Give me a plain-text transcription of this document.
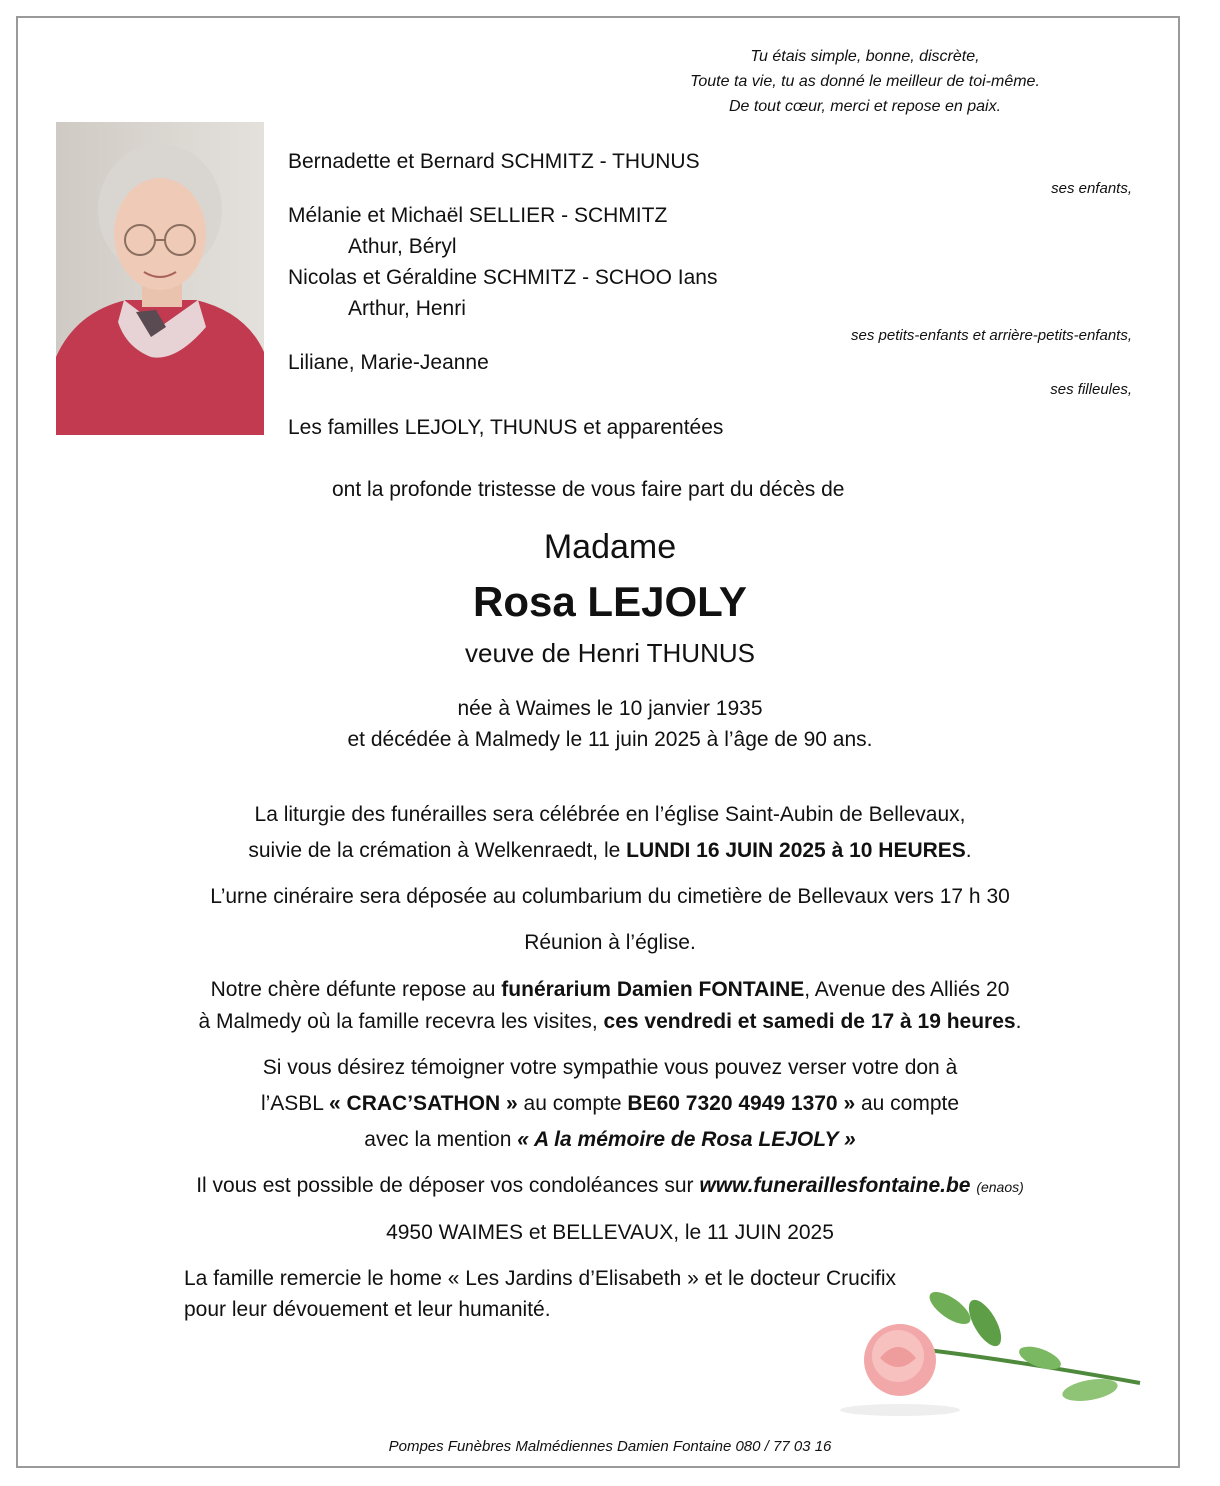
Tu étais simple, bonne, discrète,
Toute ta vie, tu as donné le meilleur de toi-même.
De tout cœur, merci et repose en paix.
Bernadette et Bernard SCHMITZ - THUNUS
ses enfants,
Mélanie et Michaël SELLIER - SCHMITZ
Athur, Béryl
Nicolas et Géraldine SCHMITZ - SCHOO Ians
Arthur, Henri
ses petits-enfants et arrière-petits-enfants,
Liliane, Marie-Jeanne
ses filleules,
Les familles LEJOLY, THUNUS et apparentées
ont la profonde tristesse de vous faire part du décès de
Madame
Rosa LEJOLY
veuve de Henri THUNUS
née à Waimes le 10 janvier 1935
et décédée à Malmedy le 11 juin 2025 à l’âge de 90 ans.
La liturgie des funérailles sera célébrée en l’église Saint-Aubin de Bellevaux,
suivie de la crémation à Welkenraedt, le LUNDI 16 JUIN 2025 à 10 HEURES.
L’urne cinéraire sera déposée au columbarium du cimetière de Bellevaux vers 17 h 30
Réunion à l’église.
Notre chère défunte repose au funérarium Damien FONTAINE, Avenue des Alliés 20
à Malmedy où la famille recevra les visites, ces vendredi et samedi de 17 à 19 heures.
Si vous désirez témoigner votre sympathie vous pouvez verser votre don à
l’ASBL « CRAC’SATHON » au compte BE60 7320 4949 1370 » au compte
avec la mention « A la mémoire de Rosa LEJOLY »
Il vous est possible de déposer vos condoléances sur www.funeraillesfontaine.be (enaos)
4950 WAIMES et BELLEVAUX, le 11 JUIN 2025
La famille remercie le home « Les Jardins d’Elisabeth » et le docteur Crucifix
pour leur dévouement et leur humanité.
Pompes Funèbres Malmédiennes Damien Fontaine 080 / 77 03 16
